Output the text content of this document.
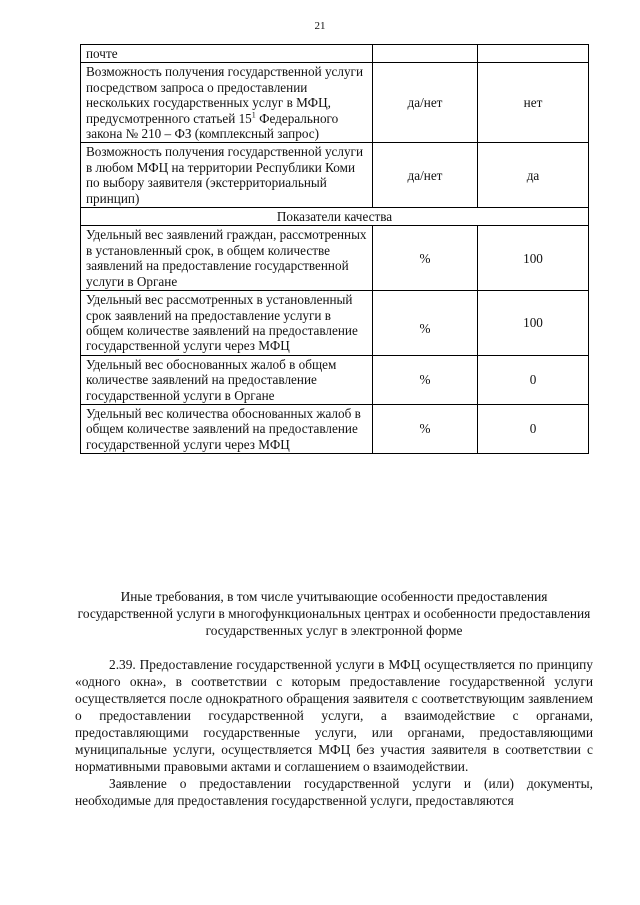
21
почте		
Возможность получения государственной услуги посредством запроса о предоставлении нескольких государственных услуг в МФЦ, предусмотренного статьей $15^1$ Федерального закона № 210 – ФЗ (комплексный запрос)	да/нет	нет
Возможность получения государственной услуги в любом МФЦ на территории Республики Коми по выбору заявителя (экстерриториальный принцип)	да/нет	да
Показатели качества		
Удельный вес заявлений граждан, рассмотренных в установленный срок, в общем количестве заявлений на предоставление государственной услуги в Органе	%	100
Удельный вес рассмотренных в установленный срок заявлений на предоставление услуги в общем количестве заявлений на предоставление государственной услуги через МФЦ	%	100
Удельный вес обоснованных жалоб в общем количестве заявлений на предоставление государственной услуги в Органе	%	0
Удельный вес количества обоснованных жалоб в общем количестве заявлений на предоставление государственной услуги через МФЦ	%	0
Иные требования, в том числе учитывающие особенности предоставления государственной услуги в многофункциональных центрах и особенности предоставления государственных услуг в электронной форме

2.39. Предоставление государственной услуги в МФЦ осуществляется по принципу «одного окна», в соответствии с которым предоставление государственной услуги осуществляется после однократного обращения заявителя с соответствующим заявлением о предоставлении государственной услуги, а взаимодействие с органами, предоставляющими государственные услуги, или органами, предоставляющими муниципальные услуги, осуществляется МФЦ без участия заявителя в соответствии с нормативными правовыми актами и соглашением о взаимодействии.

Заявление о предоставлении государственной услуги и (или) документы, необходимые для предоставления государственной услуги, предоставляются
